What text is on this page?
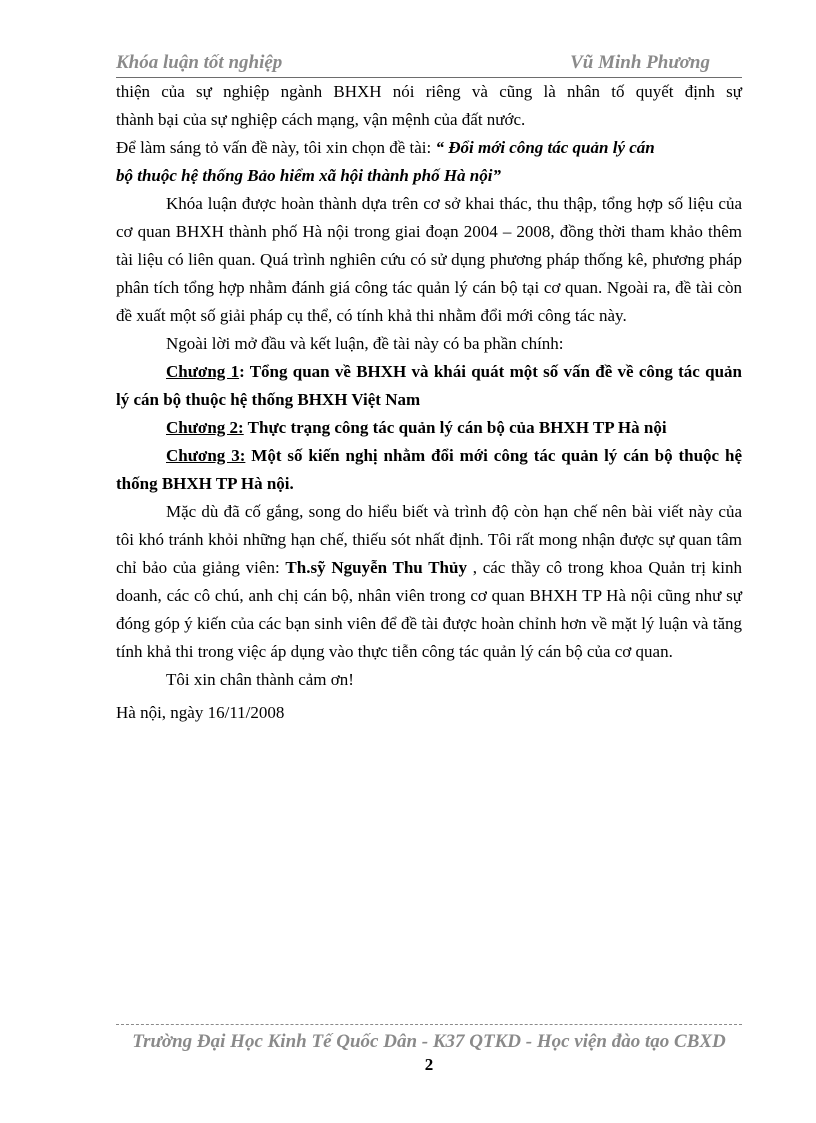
Khóa luận tốt nghiệp	Vũ Minh Phương

thiện của sự nghiệp ngành BHXH nói riêng và cũng là nhân tố quyết định sự
thành bại của sự nghiệp cách mạng, vận mệnh của đất nước.

Để làm sáng tỏ vấn đề này, tôi xin chọn đề tài: “ Đổi mới công tác quản lý cán
bộ thuộc hệ thống Bảo hiểm xã hội thành phố Hà nội”

Khóa luận được hoàn thành dựa trên cơ sở khai thác, thu thập, tổng hợp số liệu của cơ quan BHXH thành phố Hà nội trong giai đoạn 2004 – 2008, đồng thời tham khảo thêm tài liệu có liên quan. Quá trình nghiên cứu có sử dụng phương pháp thống kê, phương pháp phân tích tổng hợp nhằm đánh giá công tác quản lý cán bộ tại cơ quan. Ngoài ra, đề tài còn đề xuất một số giải pháp cụ thể, có tính khả thi nhằm đổi mới công tác này.

Ngoài lời mở đầu và kết luận, đề tài này có ba phần chính:

Chương 1: Tổng quan về BHXH và khái quát một số vấn đề về công tác quản lý cán bộ thuộc hệ thống BHXH Việt Nam

Chương 2: Thực trạng công tác quản lý cán bộ của BHXH TP Hà nội

Chương 3: Một số kiến nghị nhằm đổi mới công tác quản lý cán bộ thuộc hệ thống BHXH TP Hà nội.

Mặc dù đã cố gắng, song do hiểu biết và trình độ còn hạn chế nên bài viết này của tôi khó tránh khỏi những hạn chế, thiếu sót nhất định. Tôi rất mong nhận được sự quan tâm chỉ bảo của giảng viên: Th.sỹ Nguyễn Thu Thủy , các thầy cô trong khoa Quản trị kinh doanh, các cô chú, anh chị cán bộ, nhân viên trong cơ quan BHXH TP Hà nội cũng như sự đóng góp ý kiến của các bạn sinh viên để đề tài được hoàn chỉnh hơn về mặt lý luận và tăng tính khả thi trong việc áp dụng vào thực tiễn công tác quản lý cán bộ của cơ quan.

Tôi xin chân thành cảm ơn!

Hà nội, ngày 16/11/2008

Trường Đại Học Kinh Tế Quốc Dân - K37 QTKD - Học viện đào tạo CBXD
2
